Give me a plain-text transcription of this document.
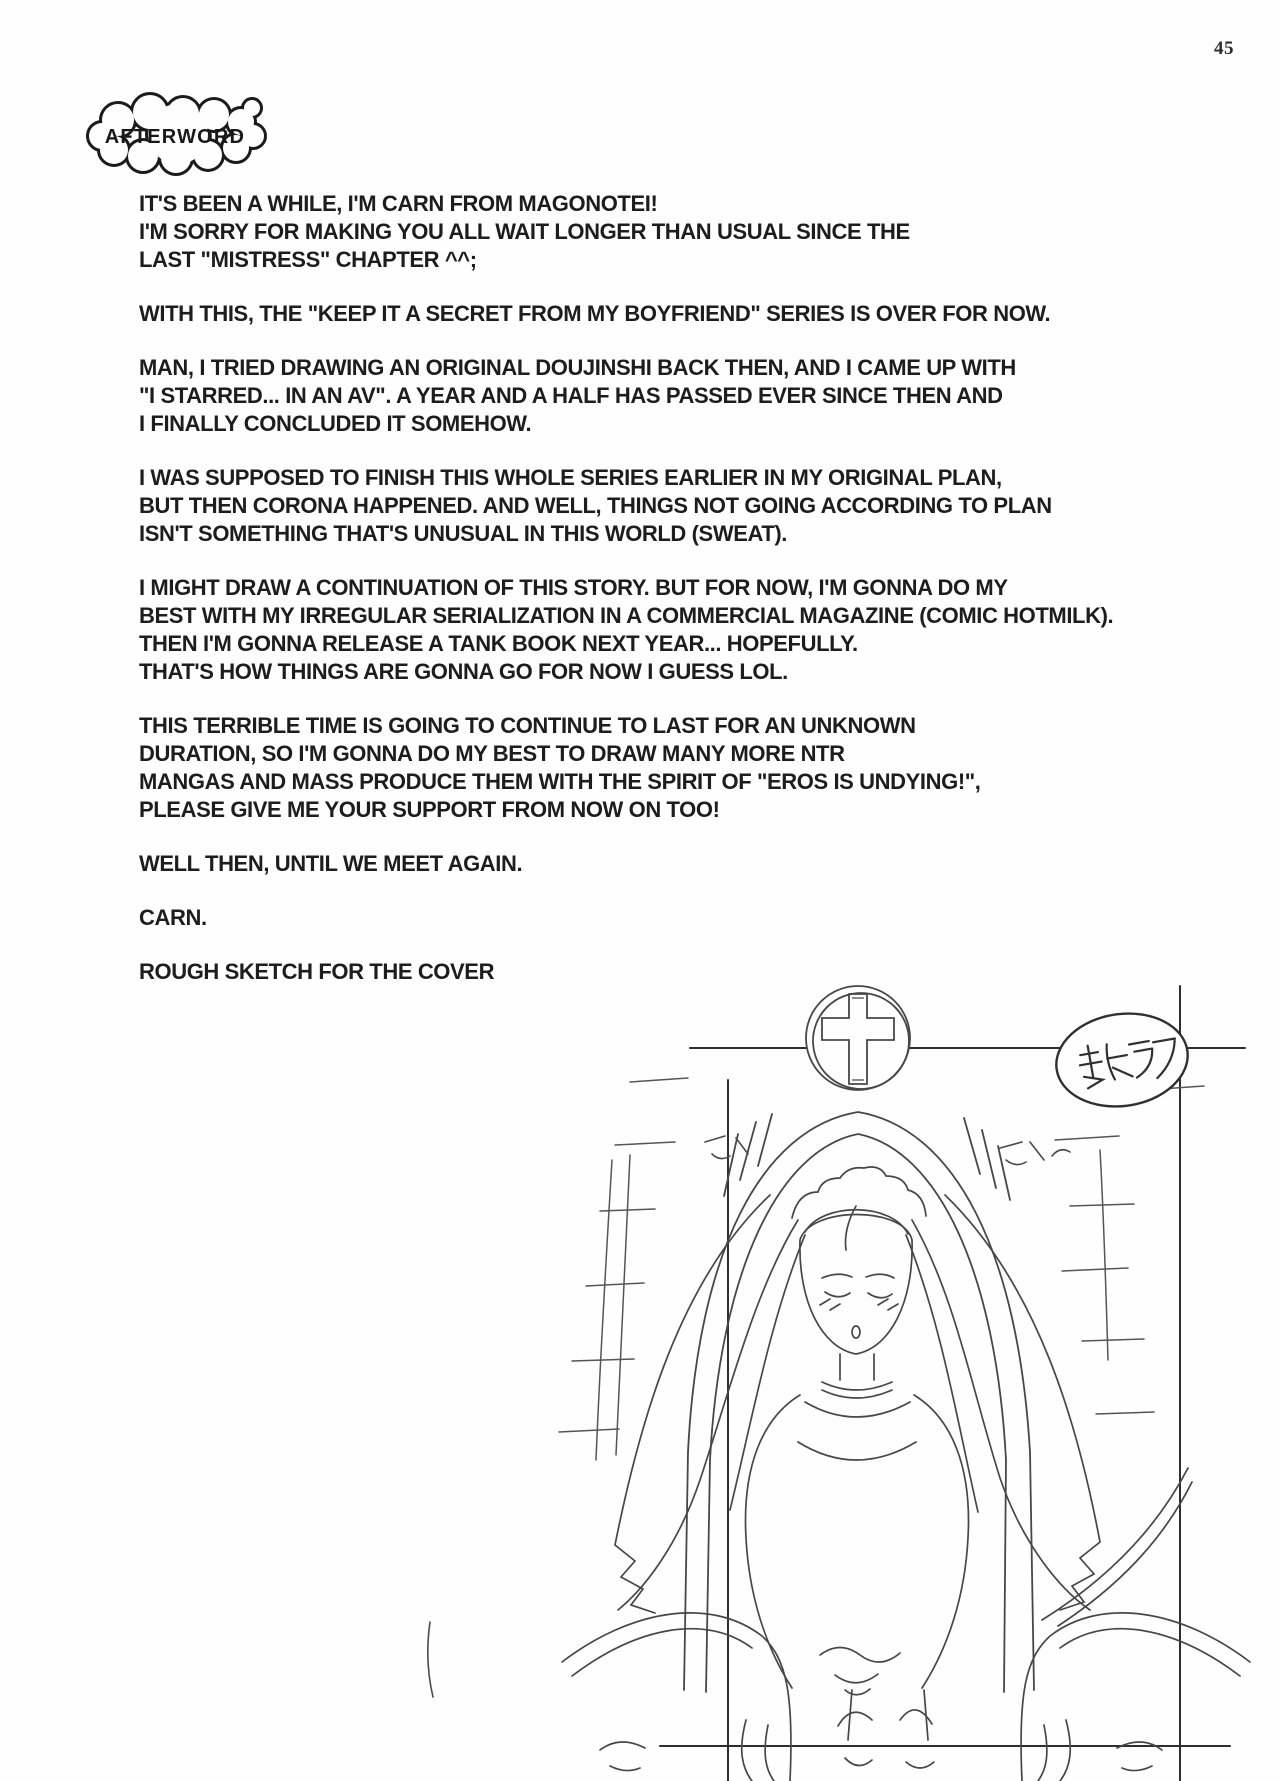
45
AFTERWORD
IT'S BEEN A WHILE, I'M CARN FROM MAGONOTEI!
I'M SORRY FOR MAKING YOU ALL WAIT LONGER THAN USUAL SINCE THE
LAST "MISTRESS" CHAPTER ^^;
WITH THIS, THE "KEEP IT A SECRET FROM MY BOYFRIEND" SERIES IS OVER FOR NOW.
MAN, I TRIED DRAWING AN ORIGINAL DOUJINSHI BACK THEN, AND I CAME UP WITH
"I STARRED... IN AN AV". A YEAR AND A HALF HAS PASSED EVER SINCE THEN AND
I FINALLY CONCLUDED IT SOMEHOW.
I WAS SUPPOSED TO FINISH THIS WHOLE SERIES EARLIER IN MY ORIGINAL PLAN,
BUT THEN CORONA HAPPENED. AND WELL, THINGS NOT GOING ACCORDING TO PLAN
ISN'T SOMETHING THAT'S UNUSUAL IN THIS WORLD (SWEAT).
I MIGHT DRAW A CONTINUATION OF THIS STORY. BUT FOR NOW, I'M GONNA DO MY
BEST WITH MY IRREGULAR SERIALIZATION IN A COMMERCIAL MAGAZINE (COMIC HOTMILK).
THEN I'M GONNA RELEASE A TANK BOOK NEXT YEAR... HOPEFULLY.
THAT'S HOW THINGS ARE GONNA GO FOR NOW I GUESS LOL.
THIS TERRIBLE TIME IS GOING TO CONTINUE TO LAST FOR AN UNKNOWN
DURATION, SO I'M GONNA DO MY BEST TO DRAW MANY MORE NTR
MANGAS AND MASS PRODUCE THEM WITH THE SPIRIT OF "EROS IS UNDYING!",
PLEASE GIVE ME YOUR SUPPORT FROM NOW ON TOO!
WELL THEN, UNTIL WE MEET AGAIN.
CARN.
ROUGH SKETCH FOR THE COVER
